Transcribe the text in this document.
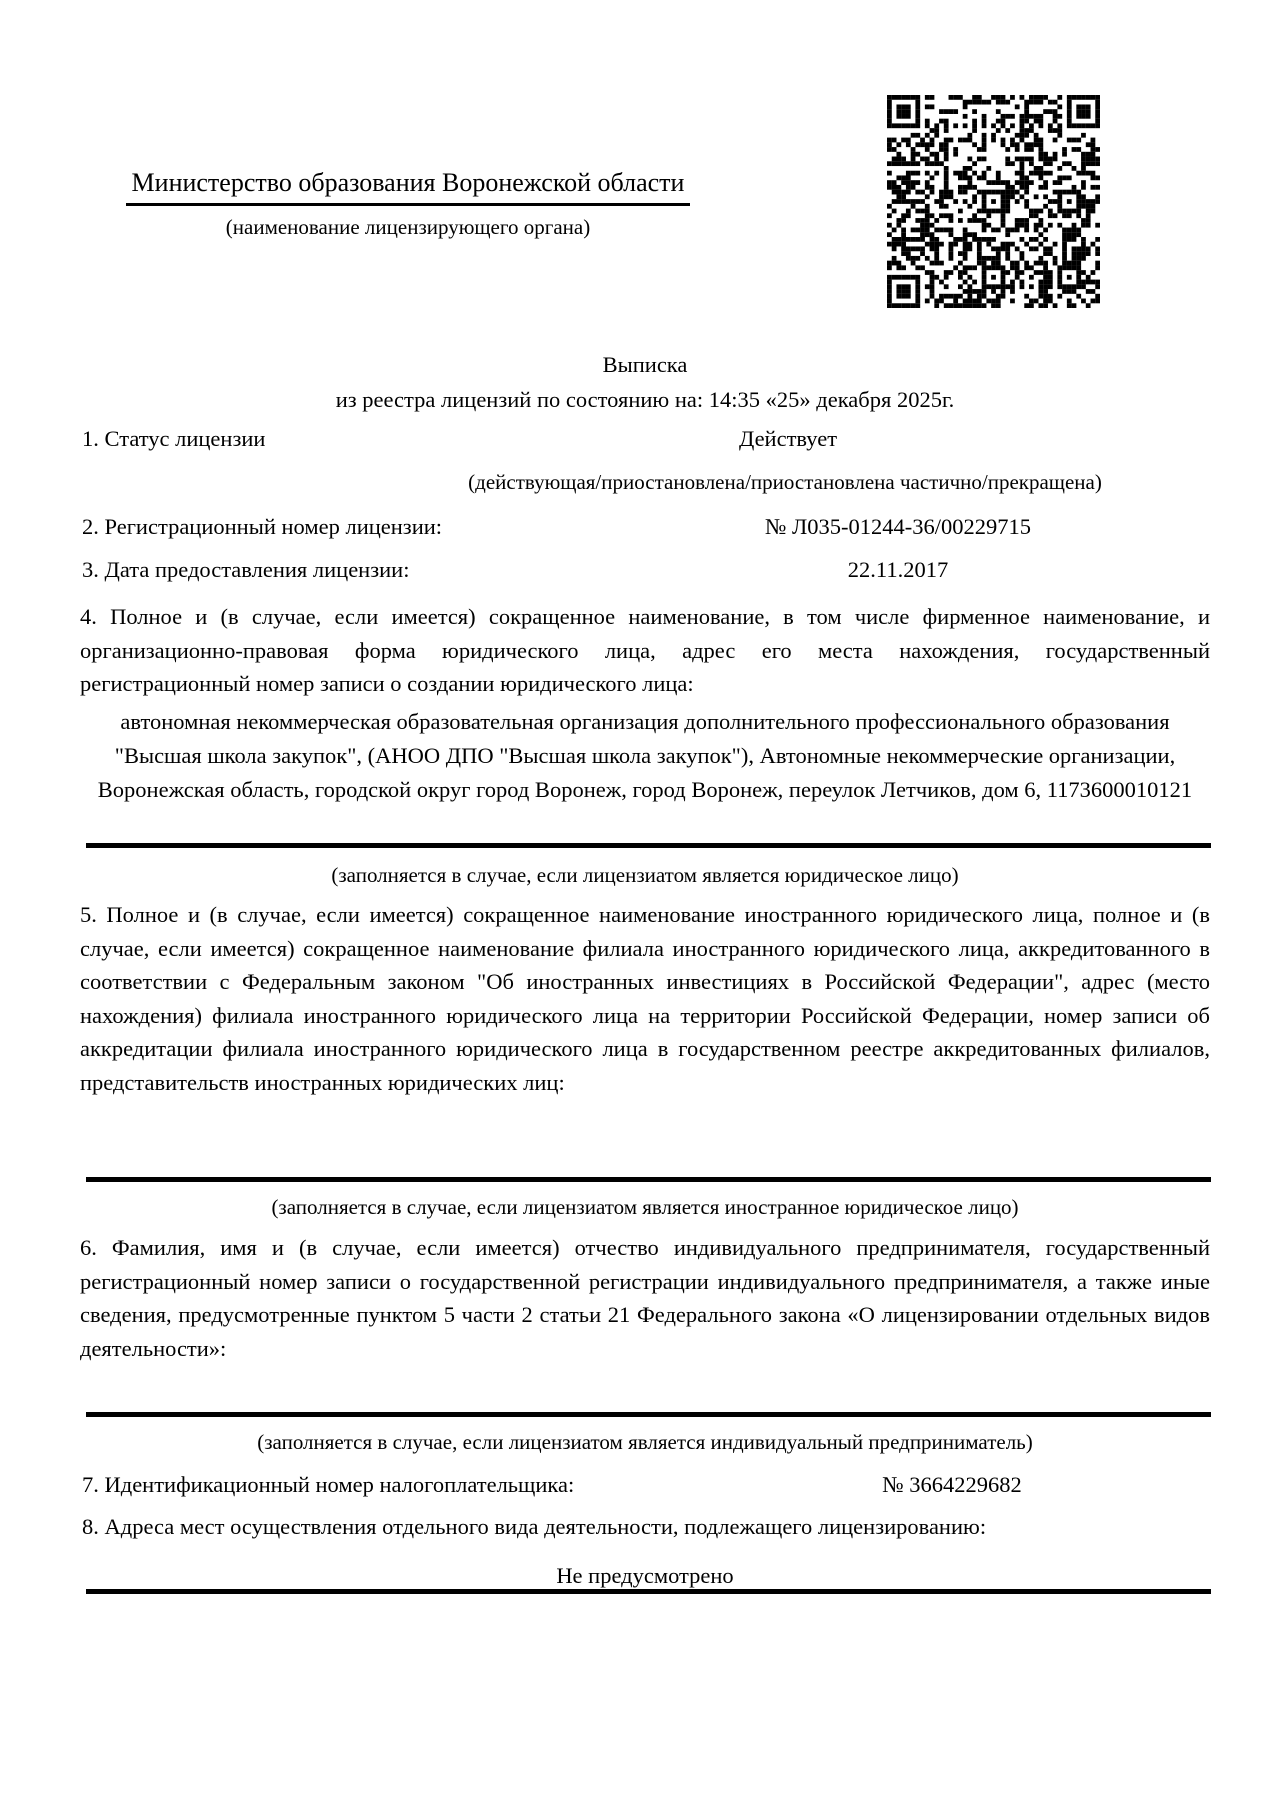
Министерство образования Воронежской области
(наименование лицензирующего органа)
Выписка
из реестра лицензий по состоянию на: 14:35 «25» декабря 2025г.
1. Статус лицензии	Действует
(действующая/приостановлена/приостановлена частично/прекращена)
2. Регистрационный номер лицензии:	№ Л035-01244-36/00229715
3. Дата предоставления лицензии:	22.11.2017
4. Полное и (в случае, если имеется) сокращенное наименование, в том числе фирменное наименование, и организационно-правовая форма юридического лица, адрес его места нахождения, государственный регистрационный номер записи о создании юридического лица:
автономная некоммерческая образовательная организация дополнительного профессионального образования "Высшая школа закупок", (АНОО ДПО "Высшая школа закупок"), Автономные некоммерческие организации, Воронежская область, городской округ город Воронеж, город Воронеж, переулок Летчиков, дом 6, 1173600010121
(заполняется в случае, если лицензиатом является юридическое лицо)
5. Полное и (в случае, если имеется) сокращенное наименование иностранного юридического лица, полное и (в случае, если имеется) сокращенное наименование филиала иностранного юридического лица, аккредитованного в соответствии с Федеральным законом "Об иностранных инвестициях в Российской Федерации", адрес (место нахождения) филиала иностранного юридического лица на территории Российской Федерации, номер записи об аккредитации филиала иностранного юридического лица в государственном реестре аккредитованных филиалов, представительств иностранных юридических лиц:
(заполняется в случае, если лицензиатом является иностранное юридическое лицо)
6. Фамилия, имя и (в случае, если имеется) отчество индивидуального предпринимателя, государственный регистрационный номер записи о государственной регистрации индивидуального предпринимателя, а также иные сведения, предусмотренные пунктом 5 части 2 статьи 21 Федерального закона «О лицензировании отдельных видов деятельности»:
(заполняется в случае, если лицензиатом является индивидуальный предприниматель)
7. Идентификационный номер налогоплательщика:	№ 3664229682
8. Адреса мест осуществления отдельного вида деятельности, подлежащего лицензированию:
Не предусмотрено
